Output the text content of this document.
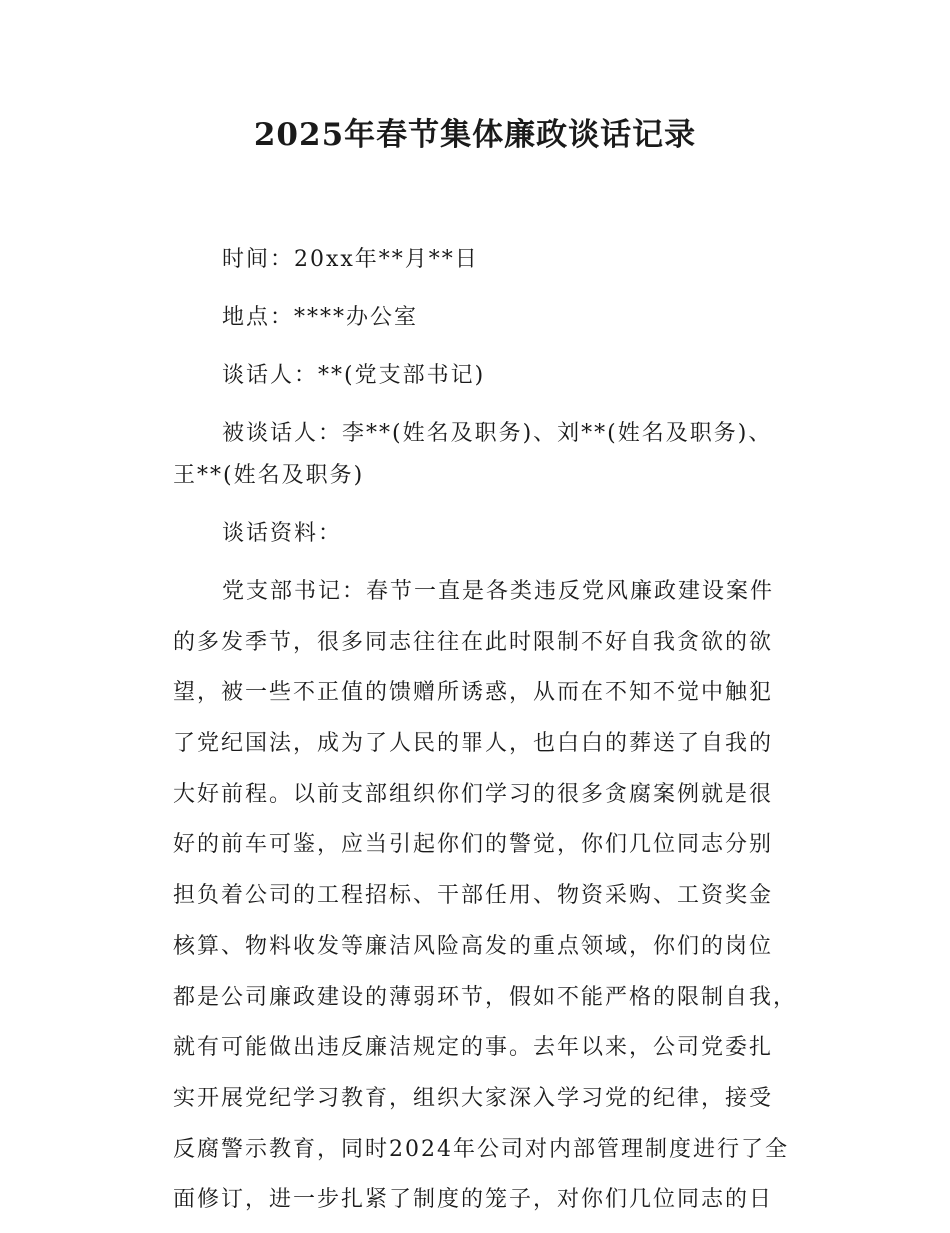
2025年春节集体廉政谈话记录

时间：20xx年**月**日

地点：****办公室

谈话人：**(党支部书记)

被谈话人：李**(姓名及职务)、刘**(姓名及职务)、

王**(姓名及职务)

谈话资料：

党支部书记：春节一直是各类违反党风廉政建设案件
的多发季节，很多同志往往在此时限制不好自我贪欲的欲
望，被一些不正值的馈赠所诱惑，从而在不知不觉中触犯
了党纪国法，成为了人民的罪人，也白白的葬送了自我的
大好前程。以前支部组织你们学习的很多贪腐案例就是很
好的前车可鉴，应当引起你们的警觉，你们几位同志分别
担负着公司的工程招标、干部任用、物资采购、工资奖金
核算、物料收发等廉洁风险高发的重点领域，你们的岗位
都是公司廉政建设的薄弱环节，假如不能严格的限制自我，
就有可能做出违反廉洁规定的事。去年以来，公司党委扎
实开展党纪学习教育，组织大家深入学习党的纪律，接受
反腐警示教育，同时2024年公司对内部管理制度进行了全
面修订，进一步扎紧了制度的笼子，对你们几位同志的日
